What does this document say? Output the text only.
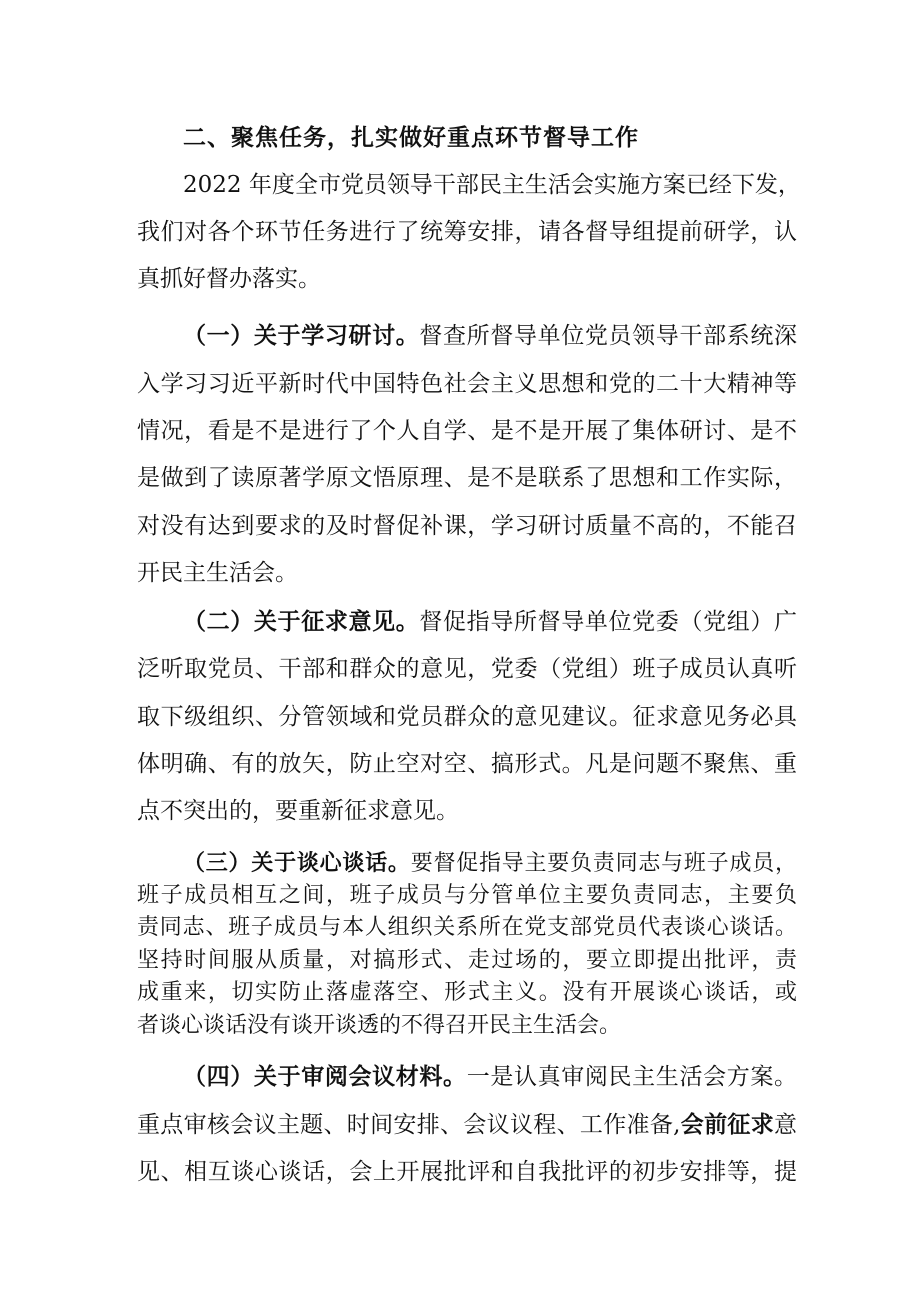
二、聚焦任务，扎实做好重点环节督导工作
2022 年度全市党员领导干部民主生活会实施方案已经下发，
我们对各个环节任务进行了统筹安排，请各督导组提前研学，认
真抓好督办落实。
（一）关于学习研讨。督查所督导单位党员领导干部系统深
入学习习近平新时代中国特色社会主义思想和党的二十大精神等
情况，看是不是进行了个人自学、是不是开展了集体研讨、是不
是做到了读原著学原文悟原理、是不是联系了思想和工作实际，
对没有达到要求的及时督促补课，学习研讨质量不高的，不能召
开民主生活会。
（二）关于征求意见。督促指导所督导单位党委（党组）广
泛听取党员、干部和群众的意见，党委（党组）班子成员认真听
取下级组织、分管领域和党员群众的意见建议。征求意见务必具
体明确、有的放矢，防止空对空、搞形式。凡是问题不聚焦、重
点不突出的，要重新征求意见。
（三）关于谈心谈话。要督促指导主要负责同志与班子成员，
班子成员相互之间，班子成员与分管单位主要负责同志，主要负
责同志、班子成员与本人组织关系所在党支部党员代表谈心谈话。
坚持时间服从质量，对搞形式、走过场的，要立即提出批评，责
成重来，切实防止落虚落空、形式主义。没有开展谈心谈话，或
者谈心谈话没有谈开谈透的不得召开民主生活会。
（四）关于审阅会议材料。一是认真审阅民主生活会方案。
重点审核会议主题、时间安排、会议议程、工作准备,会前征求意
见、相互谈心谈话，会上开展批评和自我批评的初步安排等，提
